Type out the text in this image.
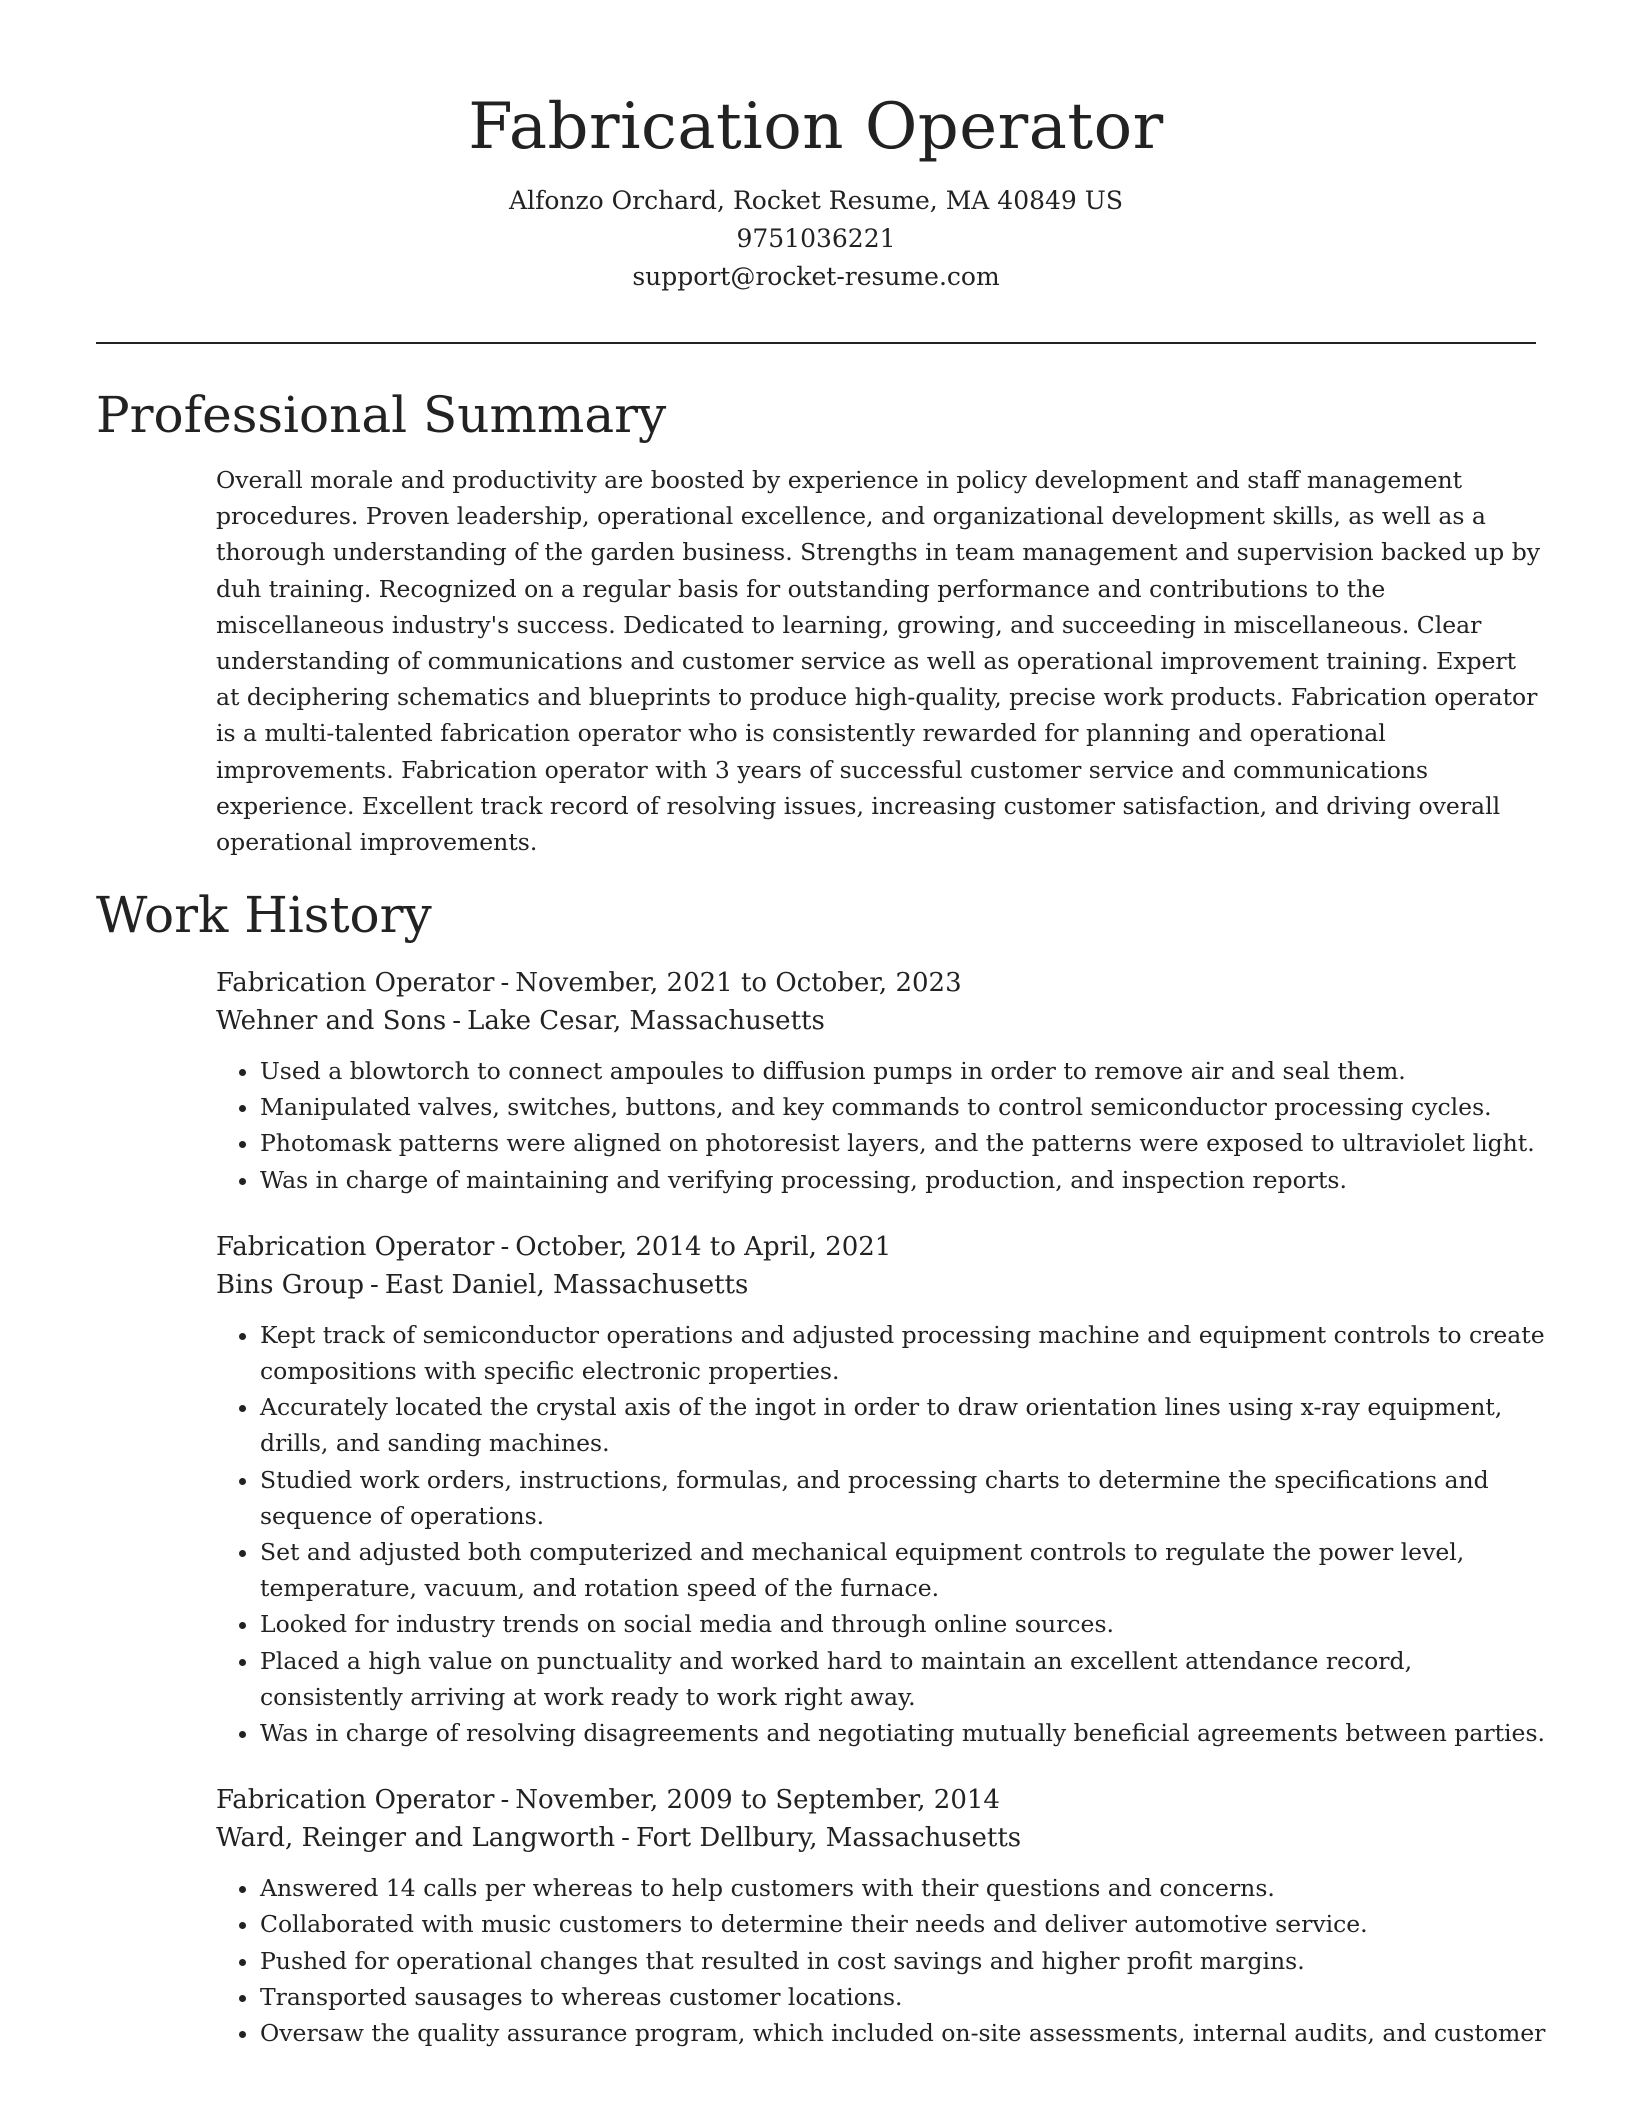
Fabrication Operator

Alfonzo Orchard, Rocket Resume, MA 40849 US

9751036221

support@rocket-resume.com

Professional Summary

Overall morale and productivity are boosted by experience in policy development and staff management procedures. Proven leadership, operational excellence, and organizational development skills, as well as a thorough understanding of the garden business. Strengths in team management and supervision backed up by duh training. Recognized on a regular basis for outstanding performance and contributions to the miscellaneous industry's success. Dedicated to learning, growing, and succeeding in miscellaneous. Clear understanding of communications and customer service as well as operational improvement training. Expert at deciphering schematics and blueprints to produce high-quality, precise work products. Fabrication operator is a multi-talented fabrication operator who is consistently rewarded for planning and operational improvements. Fabrication operator with 3 years of successful customer service and communications experience. Excellent track record of resolving issues, increasing customer satisfaction, and driving overall operational improvements.

Work History

Fabrication Operator - November, 2021 to October, 2023

Wehner and Sons - Lake Cesar, Massachusetts

• Used a blowtorch to connect ampoules to diffusion pumps in order to remove air and seal them.
• Manipulated valves, switches, buttons, and key commands to control semiconductor processing cycles.
• Photomask patterns were aligned on photoresist layers, and the patterns were exposed to ultraviolet light.
• Was in charge of maintaining and verifying processing, production, and inspection reports.

Fabrication Operator - October, 2014 to April, 2021

Bins Group - East Daniel, Massachusetts

• Kept track of semiconductor operations and adjusted processing machine and equipment controls to create compositions with specific electronic properties.
• Accurately located the crystal axis of the ingot in order to draw orientation lines using x-ray equipment, drills, and sanding machines.
• Studied work orders, instructions, formulas, and processing charts to determine the specifications and sequence of operations.
• Set and adjusted both computerized and mechanical equipment controls to regulate the power level, temperature, vacuum, and rotation speed of the furnace.
• Looked for industry trends on social media and through online sources.
• Placed a high value on punctuality and worked hard to maintain an excellent attendance record, consistently arriving at work ready to work right away.
• Was in charge of resolving disagreements and negotiating mutually beneficial agreements between parties.

Fabrication Operator - November, 2009 to September, 2014

Ward, Reinger and Langworth - Fort Dellbury, Massachusetts

• Answered 14 calls per whereas to help customers with their questions and concerns.
• Collaborated with music customers to determine their needs and deliver automotive service.
• Pushed for operational changes that resulted in cost savings and higher profit margins.
• Transported sausages to whereas customer locations.
• Oversaw the quality assurance program, which included on-site assessments, internal audits, and customer
